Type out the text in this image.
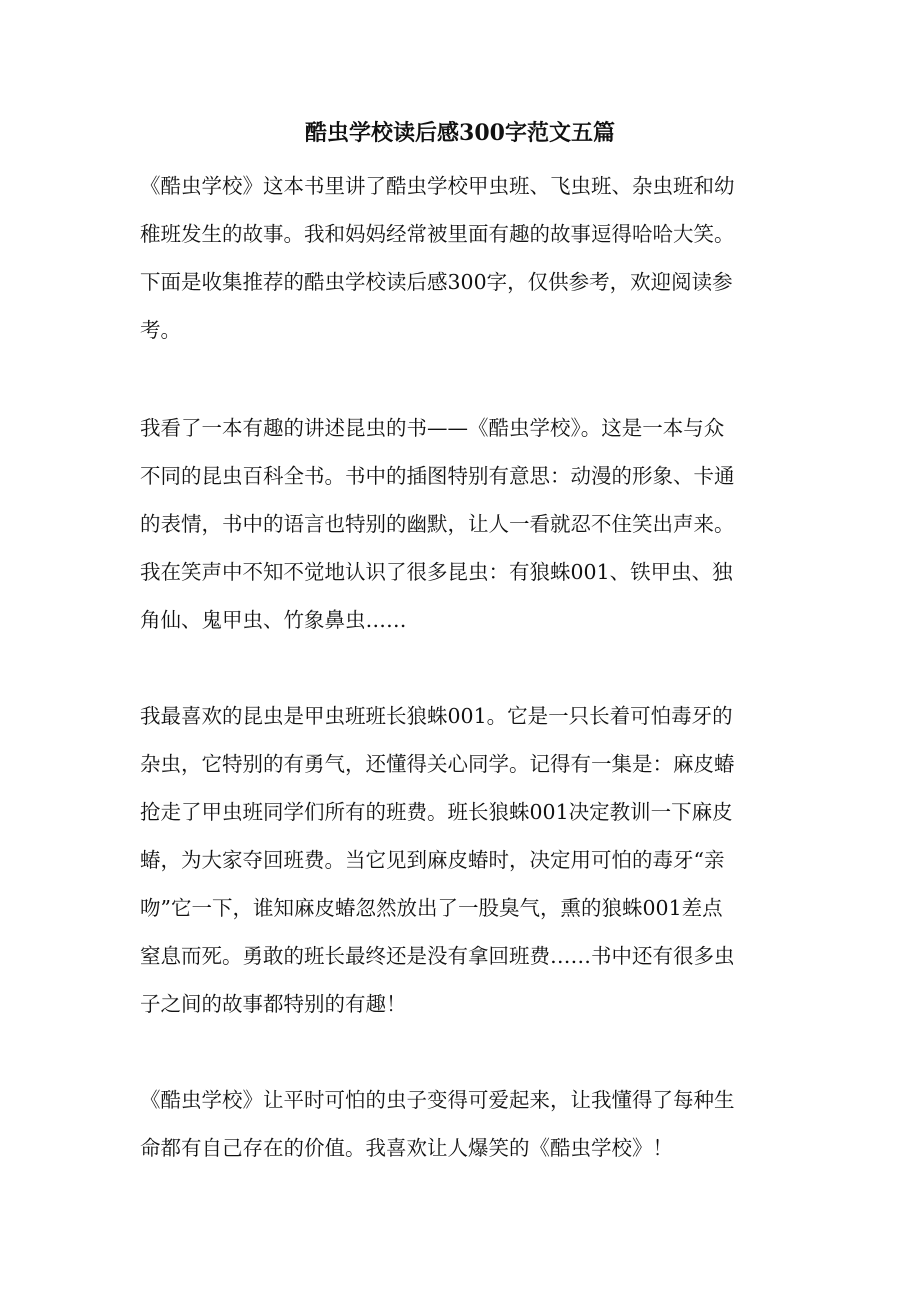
酷虫学校读后感300字范文五篇
《酷虫学校》这本书里讲了酷虫学校甲虫班、飞虫班、杂虫班和幼
稚班发生的故事。我和妈妈经常被里面有趣的故事逗得哈哈大笑。
下面是收集推荐的酷虫学校读后感300字，仅供参考，欢迎阅读参
考。
我看了一本有趣的讲述昆虫的书——《酷虫学校》。这是一本与众
不同的昆虫百科全书。书中的插图特别有意思：动漫的形象、卡通
的表情，书中的语言也特别的幽默，让人一看就忍不住笑出声来。
我在笑声中不知不觉地认识了很多昆虫：有狼蛛001、铁甲虫、独
角仙、鬼甲虫、竹象鼻虫……
我最喜欢的昆虫是甲虫班班长狼蛛001。它是一只长着可怕毒牙的
杂虫，它特别的有勇气，还懂得关心同学。记得有一集是：麻皮蝽
抢走了甲虫班同学们所有的班费。班长狼蛛001决定教训一下麻皮
蝽，为大家夺回班费。当它见到麻皮蝽时，决定用可怕的毒牙“亲
吻”它一下，谁知麻皮蝽忽然放出了一股臭气，熏的狼蛛001差点
窒息而死。勇敢的班长最终还是没有拿回班费……书中还有很多虫
子之间的故事都特别的有趣！
《酷虫学校》让平时可怕的虫子变得可爱起来，让我懂得了每种生
命都有自己存在的价值。我喜欢让人爆笑的《酷虫学校》！
